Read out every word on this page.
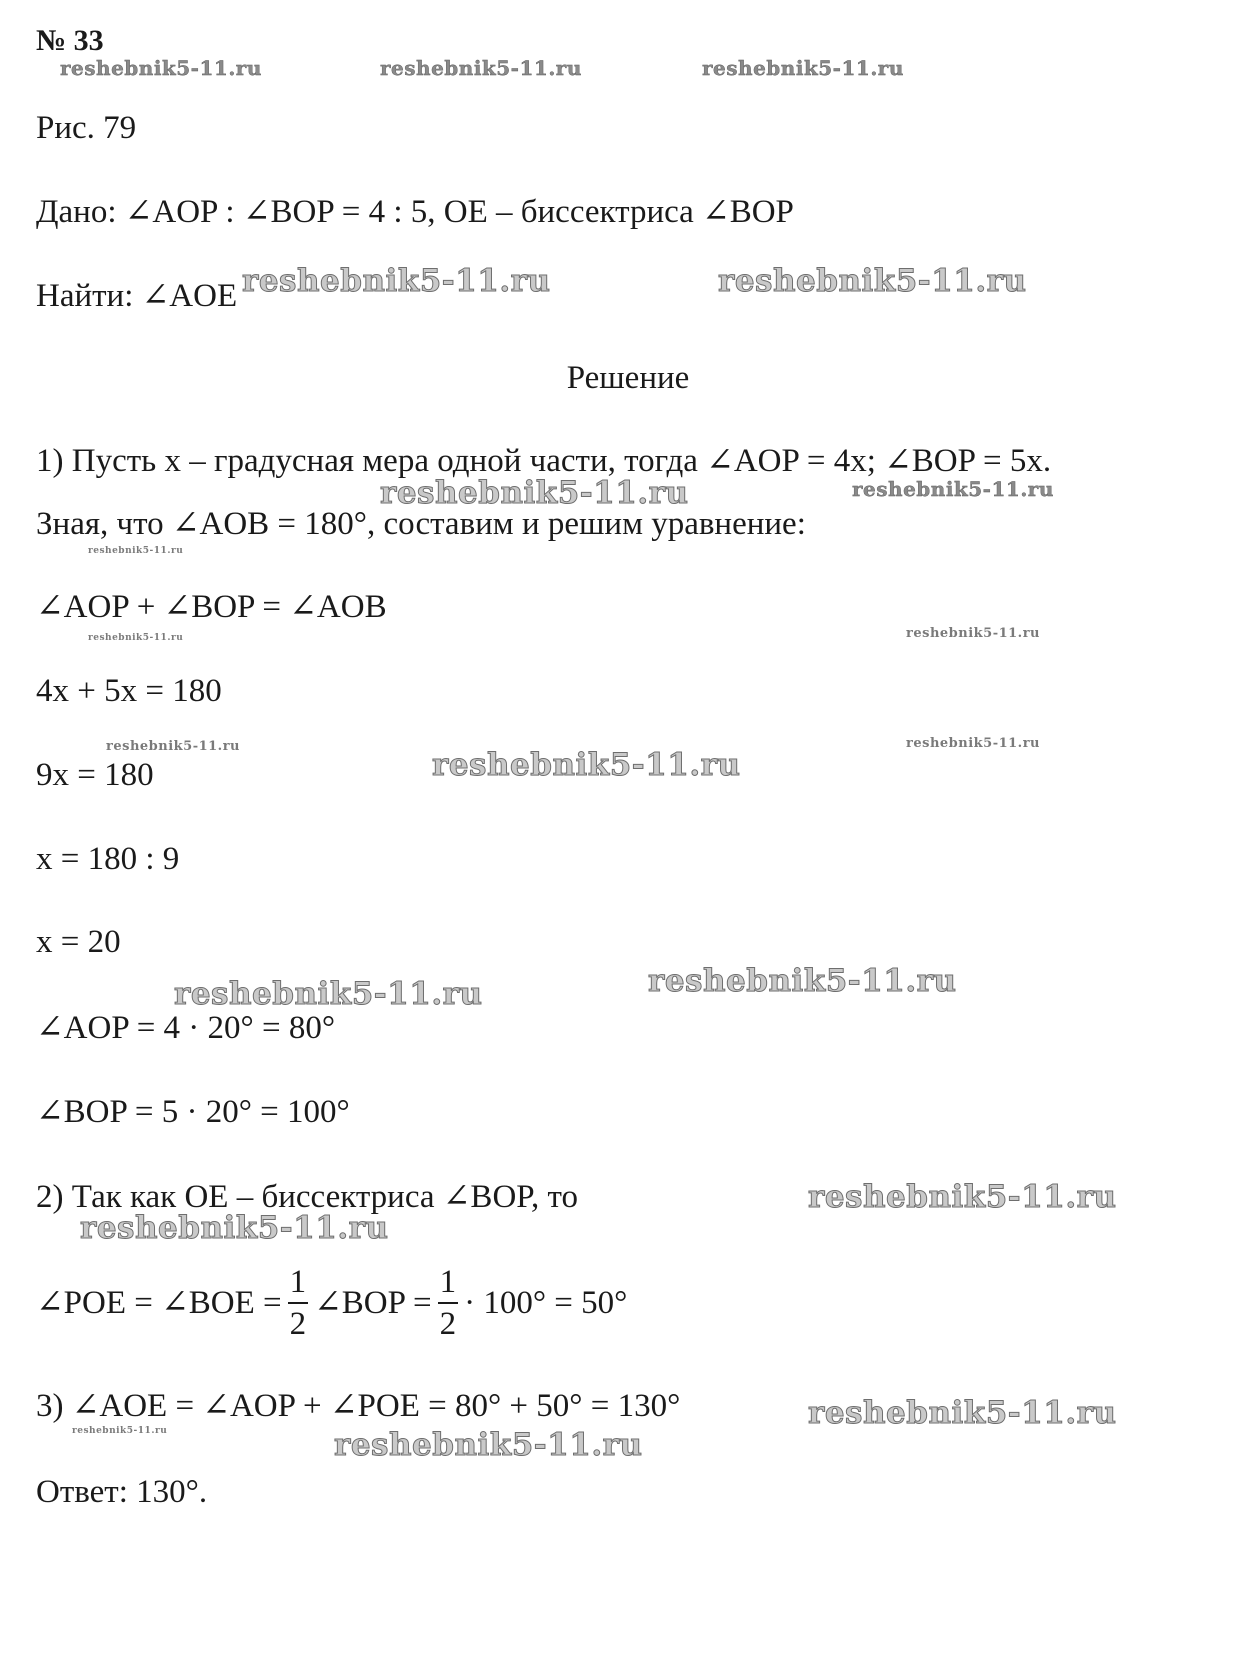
№ 33
Рис. 79
Дано: ∠AOP : ∠BOP = 4 : 5, OE – биссектриса ∠BOP
Найти: ∠AOE
Решение
1) Пусть x – градусная мера одной части, тогда ∠AOP = 4x; ∠BOP = 5x.
Зная, что ∠AOB = 180°, составим и решим уравнение:
∠AOP + ∠BOP = ∠AOB
4x + 5x = 180
9x = 180
x = 180 : 9
x = 20
∠AOP = 4 · 20° = 80°
∠BOP = 5 · 20° = 100°
2) Так как OE – биссектриса ∠BOP, то
∠POE = ∠BOE = $\frac{1}{2}$ ∠BOP = $\frac{1}{2} \cdot 100^\circ = 50^\circ$
3) ∠AOE = ∠AOP + ∠POE = 80° + 50° = 130°
Ответ: 130°.
reshebnik5-11.ru	reshebnik5-11.ru	reshebnik5-11.ru
reshebnik5-11.ru	reshebnik5-11.ru
reshebnik5-11.ru	reshebnik5-11.ru
reshebnik5-11.ru
reshebnik5-11.ru	reshebnik5-11.ru
reshebnik5-11.ru	reshebnik5-11.ru
reshebnik5-11.ru
reshebnik5-11.ru
reshebnik5-11.ru
reshebnik5-11.ru
reshebnik5-11.ru
reshebnik5-11.ru
reshebnik5-11.ru	reshebnik5-11.ru
